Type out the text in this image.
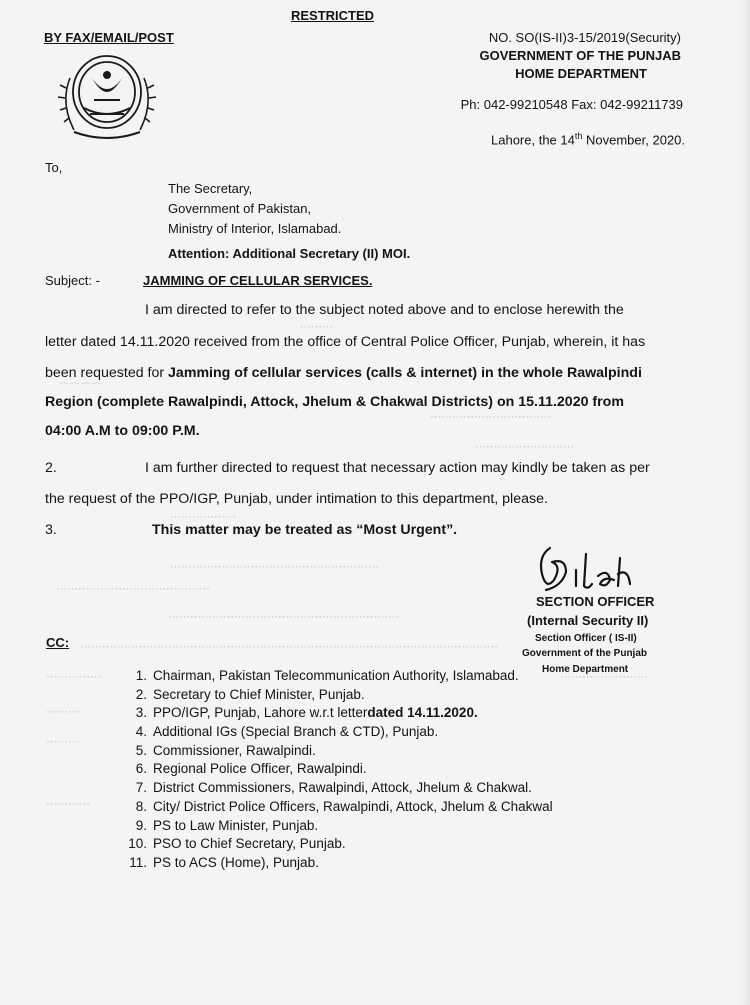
RESTRICTED
BY FAX/EMAIL/POST	NO. SO(IS-II)3-15/2019(Security)
GOVERNMENT OF THE PUNJAB
HOME DEPARTMENT
Ph: 042-99210548 Fax: 042-99211739
Lahore, the 14th November, 2020.
To,
The Secretary,
Government of Pakistan,
Ministry of Interior, Islamabad.
Attention: Additional Secretary (II) MOI.
Subject: -	JAMMING OF CELLULAR SERVICES.
⋯⋯⋯
⌒⌒⌒⌒
⋯⋯⋯⋯⋯⋯⋯⋯⋯⋯⋯
⋯⋯⋯⋯⋯⋯⋯⋯⋯
⋯⋯⋯⋯⋯⋯
⋯⋯⋯⋯⋯⋯⋯⋯⋯⋯⋯⋯⋯⋯⋯⋯⋯⋯⋯
⋯⋯⋯⋯⋯⋯⋯⋯⋯⋯⋯⋯⋯⋯
⋯⋯⋯⋯⋯⋯⋯⋯⋯⋯⋯⋯⋯⋯⋯⋯⋯⋯⋯⋯⋯
⋯⋯⋯⋯⋯⋯⋯⋯⋯⋯⋯⋯⋯⋯⋯⋯⋯⋯⋯⋯⋯⋯⋯⋯⋯⋯⋯⋯⋯⋯⋯⋯⋯⋯⋯⋯⋯⋯
⋯⋯⋯⋯⋯	⋯⋯⋯⋯⋯⋯⋯⋯
⋯⋯⋯
⋯⋯⋯
⋯⋯⋯⋯
I am directed to refer to the subject noted above and to enclose herewith the
letter dated 14.11.2020 received from the office of Central Police Officer, Punjab, wherein, it has
been requested for Jamming of cellular services (calls & internet) in the whole Rawalpindi
Region (complete Rawalpindi, Attock, Jhelum & Chakwal Districts) on 15.11.2020 from
04:00 A.M to 09:00 P.M.
2.	I am further directed to request that necessary action may kindly be taken as per
the request of the PPO/IGP, Punjab, under intimation to this department, please.
3.	This matter may be treated as “Most Urgent”.
SECTION OFFICER
(Internal Security II)
Section Officer ( IS-II)
Government of the Punjab
Home Department
CC:
1. Chairman, Pakistan Telecommunication Authority, Islamabad.
2. Secretary to Chief Minister, Punjab.
3. PPO/IGP, Punjab, Lahore w.r.t letter dated 14.11.2020.
4. Additional IGs (Special Branch & CTD), Punjab.
5. Commissioner, Rawalpindi.
6. Regional Police Officer, Rawalpindi.
7. District Commissioners, Rawalpindi, Attock, Jhelum & Chakwal.
8. City/ District Police Officers, Rawalpindi, Attock, Jhelum & Chakwal
9. PS to Law Minister, Punjab.
10. PSO to Chief Secretary, Punjab.
11. PS to ACS (Home), Punjab.
